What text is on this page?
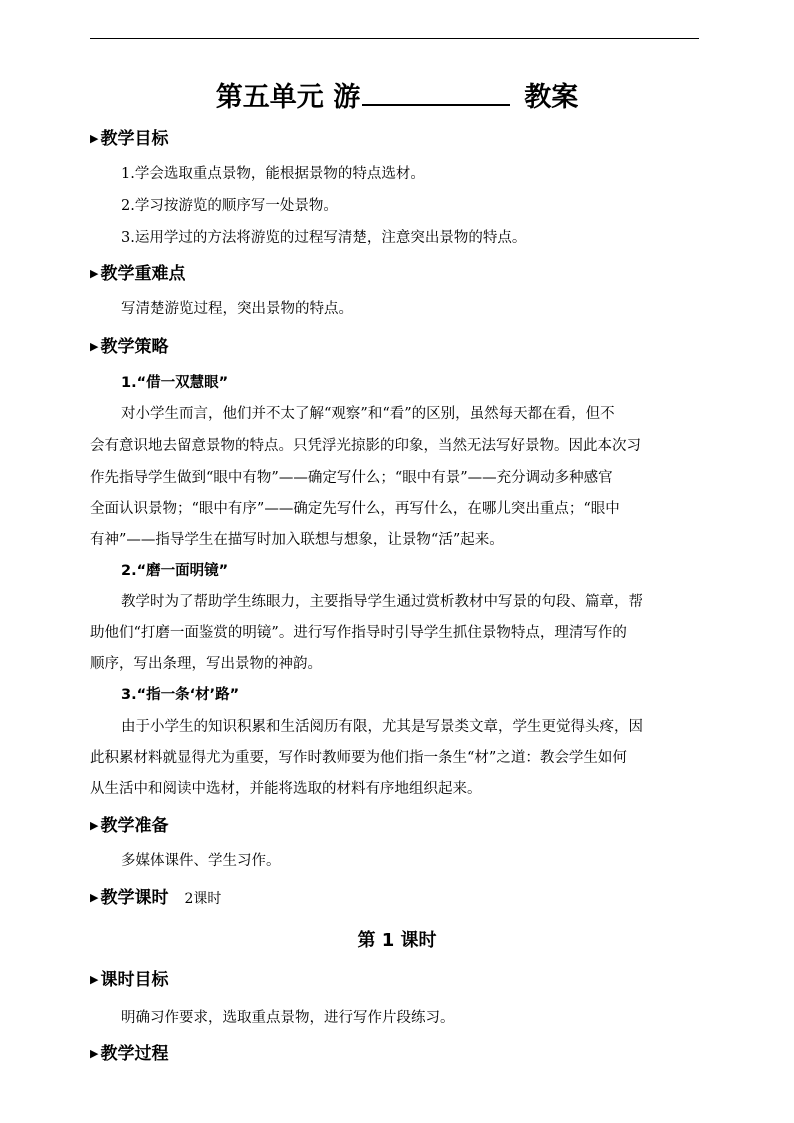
第五单元 游	教案
▶ 教学目标
1.学会选取重点景物，能根据景物的特点选材。
2.学习按游览的顺序写一处景物。
3.运用学过的方法将游览的过程写清楚，注意突出景物的特点。
▶ 教学重难点
写清楚游览过程，突出景物的特点。
▶ 教学策略
1.“借一双慧眼”
对小学生而言，他们并不太了解“观察”和“看”的区别，虽然每天都在看，但不
会有意识地去留意景物的特点。只凭浮光掠影的印象，当然无法写好景物。因此本次习
作先指导学生做到“眼中有物”——确定写什么；“眼中有景”——充分调动多种感官
全面认识景物；“眼中有序”——确定先写什么，再写什么，在哪儿突出重点；“眼中
有神”——指导学生在描写时加入联想与想象，让景物“活”起来。
2.“磨一面明镜”
教学时为了帮助学生练眼力，主要指导学生通过赏析教材中写景的句段、篇章，帮
助他们“打磨一面鉴赏的明镜”。进行写作指导时引导学生抓住景物特点，理清写作的
顺序，写出条理，写出景物的神韵。
3.“指一条‘材’路”
由于小学生的知识积累和生活阅历有限，尤其是写景类文章，学生更觉得头疼，因
此积累材料就显得尤为重要，写作时教师要为他们指一条生“材”之道：教会学生如何
从生活中和阅读中选材，并能将选取的材料有序地组织起来。
▶ 教学准备
多媒体课件、学生习作。
▶ 教学课时 2课时
第 1 课时
▶ 课时目标
明确习作要求，选取重点景物，进行写作片段练习。
▶ 教学过程
